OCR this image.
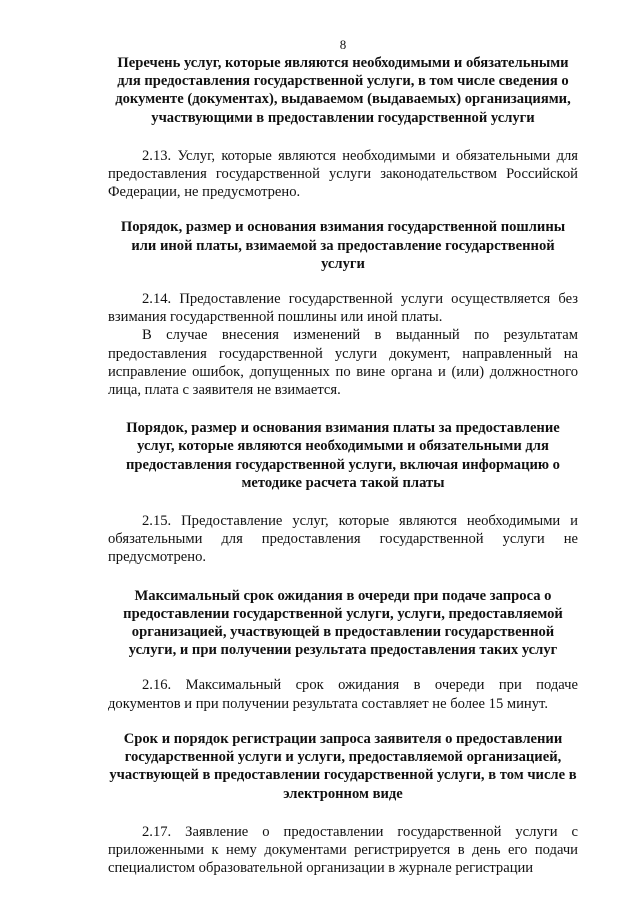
8
Перечень услуг, которые являются необходимыми и обязательными для предоставления государственной услуги, в том числе сведения о документе (документах), выдаваемом (выдаваемых) организациями, участвующими в предоставлении государственной услуги

2.13. Услуг, которые являются необходимыми и обязательными для предоставления государственной услуги законодательством Российской Федерации, не предусмотрено.

Порядок, размер и основания взимания государственной пошлины или иной платы, взимаемой за предоставление государственной услуги

2.14. Предоставление государственной услуги осуществляется без взимания государственной пошлины или иной платы.

В случае внесения изменений в выданный по результатам предоставления государственной услуги документ, направленный на исправление ошибок, допущенных по вине органа и (или) должностного лица, плата с заявителя не взимается.

Порядок, размер и основания взимания платы за предоставление услуг, которые являются необходимыми и обязательными для предоставления государственной услуги, включая информацию о методике расчета такой платы

2.15. Предоставление услуг, которые являются необходимыми и обязательными для предоставления государственной услуги не предусмотрено.

Максимальный срок ожидания в очереди при подаче запроса о предоставлении государственной услуги, услуги, предоставляемой организацией, участвующей в предоставлении государственной услуги, и при получении результата предоставления таких услуг

2.16. Максимальный срок ожидания в очереди при подаче документов и при получении результата составляет не более 15 минут.

Срок и порядок регистрации запроса заявителя о предоставлении государственной услуги и услуги, предоставляемой организацией, участвующей в предоставлении государственной услуги, в том числе в электронном виде

2.17. Заявление о предоставлении государственной услуги с приложенными к нему документами регистрируется в день его подачи специалистом образовательной организации в журнале регистрации
